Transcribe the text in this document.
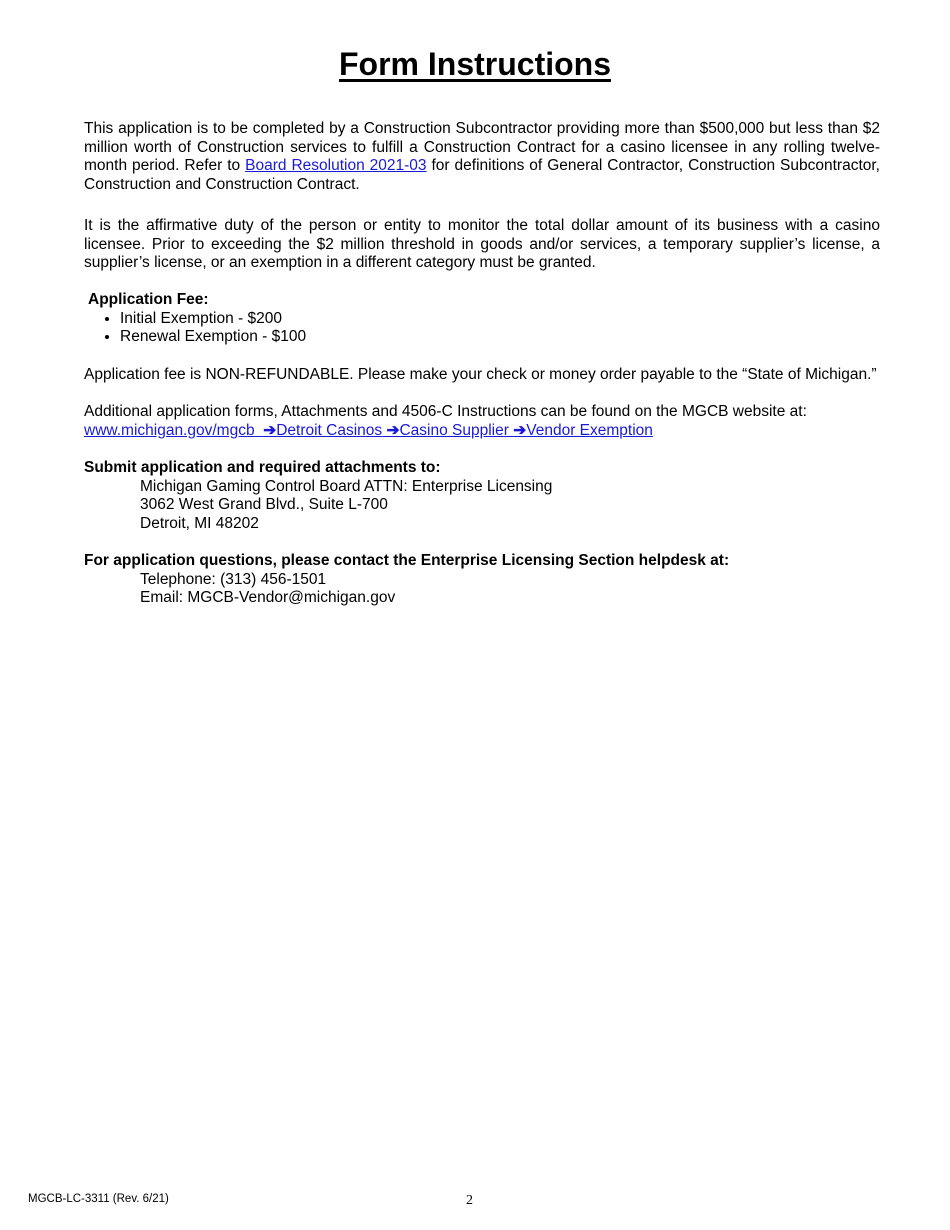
Form Instructions
This application is to be completed by a Construction Subcontractor providing more than $500,000 but less than $2 million worth of Construction services to fulfill a Construction Contract for a casino licensee in any rolling twelve- month period. Refer to Board Resolution 2021-03 for definitions of General Contractor, Construction Subcontractor, Construction and Construction Contract.
It is the affirmative duty of the person or entity to monitor the total dollar amount of its business with a casino licensee. Prior to exceeding the $2 million threshold in goods and/or services, a temporary supplier’s license, a supplier’s license, or an exemption in a different category must be granted.
Application Fee:
• Initial Exemption - $200
• Renewal Exemption - $100
Application fee is NON-REFUNDABLE. Please make your check or money order payable to the “State of Michigan.”
Additional application forms, Attachments and 4506-C Instructions can be found on the MGCB website at:
www.michigan.gov/mgcb ➔Detroit Casinos ➔Casino Supplier ➔Vendor Exemption
Submit application and required attachments to:
Michigan Gaming Control Board ATTN: Enterprise Licensing
3062 West Grand Blvd., Suite L-700
Detroit, MI 48202
For application questions, please contact the Enterprise Licensing Section helpdesk at:
Telephone: (313) 456-1501
Email: MGCB-Vendor@michigan.gov
MGCB-LC-3311 (Rev. 6/21)	2
